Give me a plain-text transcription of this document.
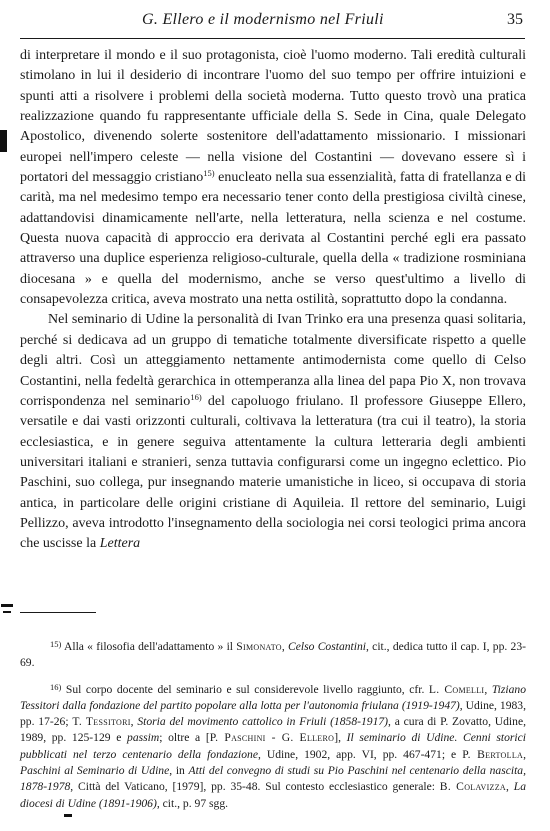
G. Ellero e il modernismo nel Friuli	35

di interpretare il mondo e il suo protagonista, cioè l'uomo moderno. Tali eredità culturali stimolano in lui il desiderio di incontrare l'uomo del suo tempo per offrire intuizioni e spunti atti a risolvere i problemi della società moderna. Tutto questo trovò una pratica realizzazione quando fu rappresentante ufficiale della S. Sede in Cina, quale Delegato Apostolico, divenendo solerte sostenitore dell'adattamento missionario. I missionari europei nell'impero celeste — nella visione del Costantini — dovevano essere sì i portatori del messaggio cristiano$^{15)}$ enucleato nella sua essenzialità, fatta di fratellanza e di carità, ma nel medesimo tempo era necessario tener conto della prestigiosa civiltà cinese, adattandovisi dinamicamente nell'arte, nella letteratura, nella scienza e nel costume. Questa nuova capacità di approccio era derivata al Costantini perché egli era passato attraverso una duplice esperienza religioso-culturale, quella della « tradizione rosminiana diocesana » e quella del modernismo, anche se verso quest'ultimo a livello di consapevolezza critica, aveva mostrato una netta ostilità, soprattutto dopo la condanna.

Nel seminario di Udine la personalità di Ivan Trinko era una presenza quasi solitaria, perché si dedicava ad un gruppo di tematiche totalmente diversificate rispetto a quelle degli altri. Così un atteggiamento nettamente antimodernista come quello di Celso Costantini, nella fedeltà gerarchica in ottemperanza alla linea del papa Pio X, non trovava corrispondenza nel seminario$^{16)}$ del capoluogo friulano. Il professore Giuseppe Ellero, versatile e dai vasti orizzonti culturali, coltivava la letteratura (tra cui il teatro), la storia ecclesiastica, e in genere seguiva attentamente la cultura letteraria degli ambienti universitari italiani e stranieri, senza tuttavia configurarsi come un ingegno eclettico. Pio Paschini, suo collega, pur insegnando materie umanistiche in liceo, si occupava di storia antica, in particolare delle origini cristiane di Aquileia. Il rettore del seminario, Luigi Pellizzo, aveva introdotto l'insegnamento della sociologia nei corsi teologici prima ancora che uscisse la Lettera

$^{15)}$ Alla « filosofia dell'adattamento » il Simonato, Celso Costantini, cit., dedica tutto il cap. I, pp. 23-69.

$^{16)}$ Sul corpo docente del seminario e sul considerevole livello raggiunto, cfr. L. Comelli, Tiziano Tessitori dalla fondazione del partito popolare alla lotta per l'autonomia friulana (1919-1947), Udine, 1983, pp. 17-26; T. Tessitori, Storia del movimento cattolico in Friuli (1858-1917), a cura di P. Zovatto, Udine, 1989, pp. 125-129 e passim; oltre a [P. Paschini - G. Ellero], Il seminario di Udine. Cenni storici pubblicati nel terzo centenario della fondazione, Udine, 1902, app. VI, pp. 467-471; e P. Bertolla, Paschini al Seminario di Udine, in Atti del convegno di studi su Pio Paschini nel centenario della nascita, 1878-1978, Città del Vaticano, [1979], pp. 35-48. Sul contesto ecclesiastico generale: B. Colavizza, La diocesi di Udine (1891-1906), cit., p. 97 sgg.
